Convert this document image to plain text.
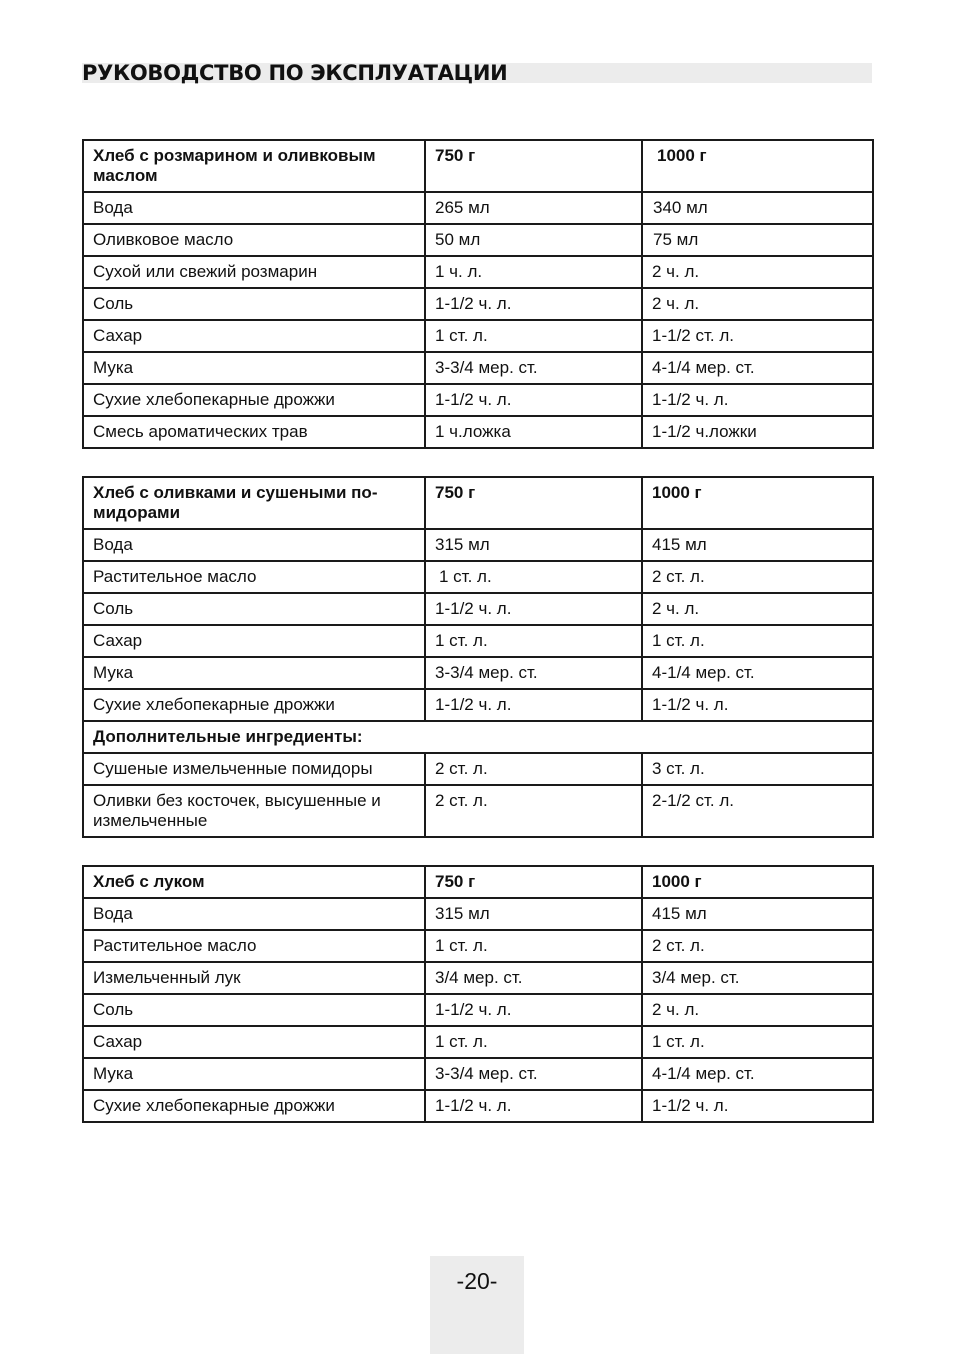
РУКОВОДСТВО ПО ЭКСПЛУАТАЦИИ
Хлеб с розмарином и оливковым маслом	750 г	1000 г
Вода	265 мл	340 мл
Оливковое масло	50 мл	75 мл
Сухой или свежий розмарин	1 ч. л.	2 ч. л.
Соль	1-1/2 ч. л.	2 ч. л.
Сахар	1 ст. л.	1-1/2 ст. л.
Мука	3-3/4 мер. ст.	4-1/4 мер. ст.
Сухие хлебопекарные дрожжи	1-1/2 ч. л.	1-1/2 ч. л.
Смесь ароматических трав	1 ч.ложка	1-1/2 ч.ложки
Хлеб с оливками и сушеными по-мидорами	750 г	1000 г
Вода	315 мл	415 мл
Растительное масло	1 ст. л.	2 ст. л.
Соль	1-1/2 ч. л.	2 ч. л.
Сахар	1 ст. л.	1 ст. л.
Мука	3-3/4 мер. ст.	4-1/4 мер. ст.
Сухие хлебопекарные дрожжи	1-1/2 ч. л.	1-1/2 ч. л.
Дополнительные ингредиенты:		
Сушеные измельченные помидоры	2 ст. л.	3 ст. л.
Оливки без косточек, высушенные и измельченные	2 ст. л.	2-1/2 ст. л.
Хлеб с луком	750 г	1000 г
Вода	315 мл	415 мл
Растительное масло	1 ст. л.	2 ст. л.
Измельченный лук	3/4 мер. ст.	3/4 мер. ст.
Соль	1-1/2 ч. л.	2 ч. л.
Сахар	1 ст. л.	1 ст. л.
Мука	3-3/4 мер. ст.	4-1/4 мер. ст.
Сухие хлебопекарные дрожжи	1-1/2 ч. л.	1-1/2 ч. л.
-20-
